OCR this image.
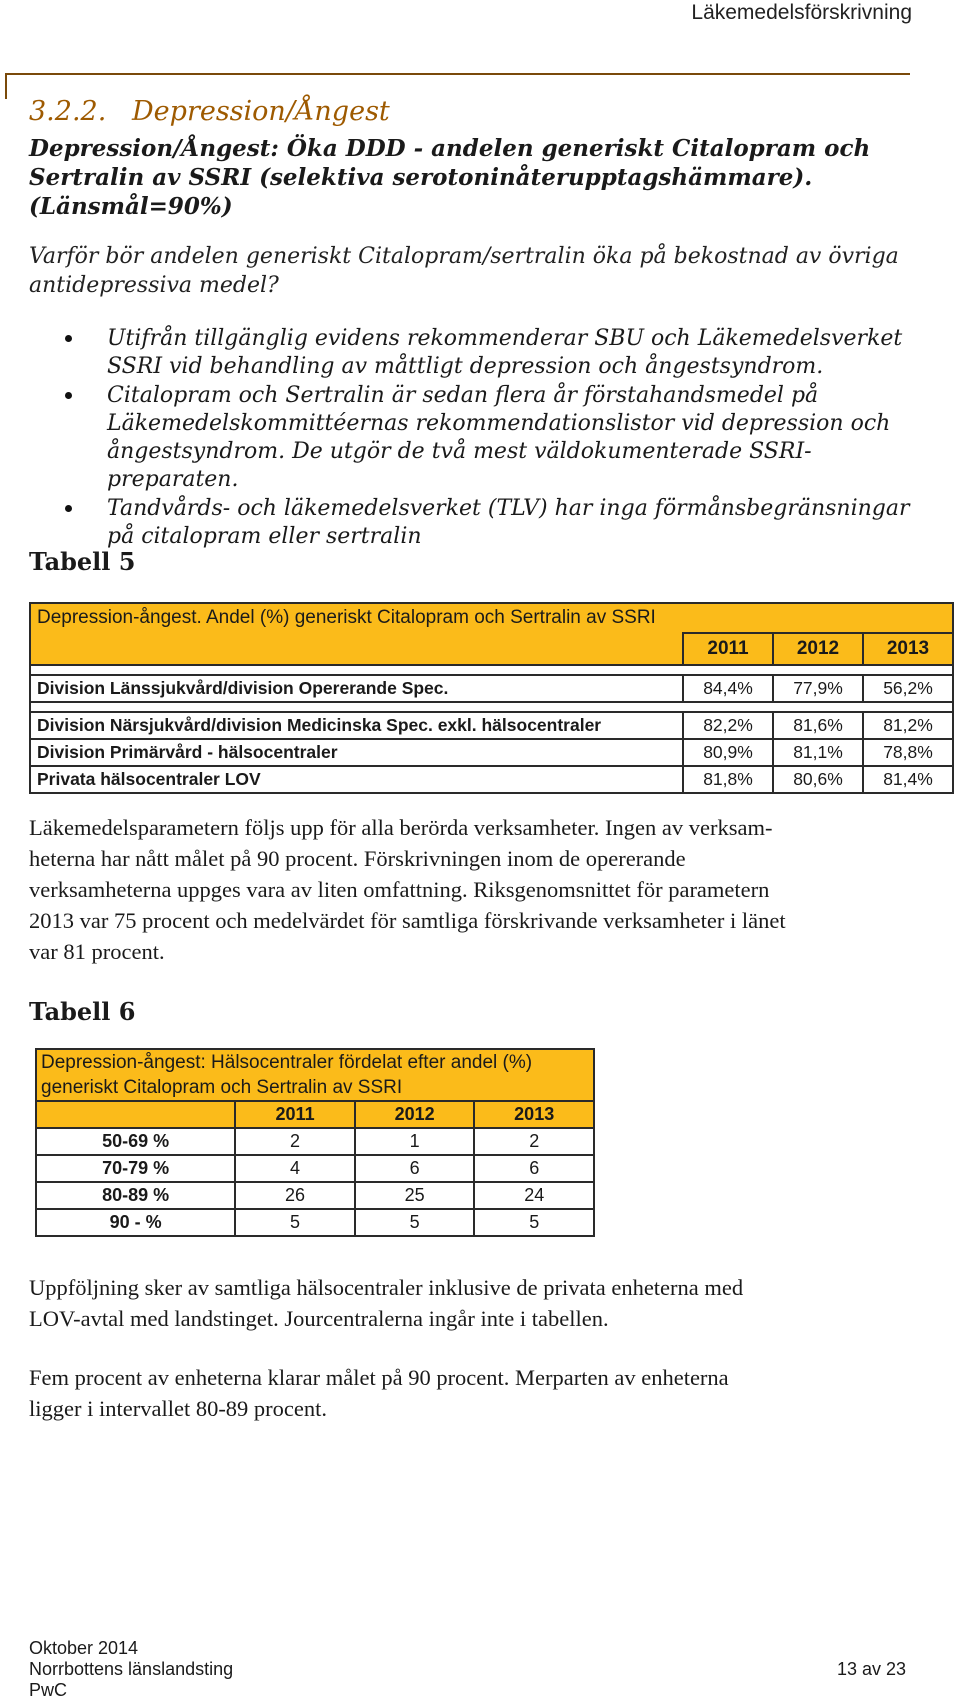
Läkemedelsförskrivning
3.2.2.   Depression/Ångest
Depression/Ångest: Öka DDD - andelen generiskt Citalopram och
Sertralin av SSRI (selektiva serotoninåterupptagshämmare).
(Länsmål=90%)
Varför bör andelen generiskt Citalopram/sertralin öka på bekostnad av övriga antidepressiva medel?
Utifrån tillgänglig evidens rekommenderar SBU och Läkemedelsverket SSRI vid behandling av måttligt depression och ångestsyndrom.
Citalopram och Sertralin är sedan flera år förstahandsmedel på Läkemedelskommittéernas rekommendationslistor vid depression och ångestsyndrom. De utgör de två mest väldokumenterade SSRI-preparaten.
Tandvårds- och läkemedelsverket (TLV) har inga förmånsbegränsningar på citalopram eller sertralin
Tabell 5
Depression-ångest. Andel (%) generiskt Citalopram och Sertralin av SSRI			
	2011	2012	2013

Division Länssjukvård/division Opererande Spec.	84,4%	77,9%	56,2%

Division Närsjukvård/division Medicinska Spec. exkl. hälsocentraler	82,2%	81,6%	81,2%
Division Primärvård - hälsocentraler	80,9%	81,1%	78,8%
Privata hälsocentraler LOV	81,8%	80,6%	81,4%
Läkemedelsparametern följs upp för alla berörda verksamheter. Ingen av verksam-
heterna har nått målet på 90 procent. Förskrivningen inom de opererande
verksamheterna uppges vara av liten omfattning. Riksgenomsnittet för parametern
2013 var 75 procent och medelvärdet för samtliga förskrivande verksamheter i länet
var 81 procent.
Tabell 6
Depression-ångest: Hälsocentraler fördelat efter andel (%)			
generiskt Citalopram och Sertralin av SSRI			
	2011	2012	2013
50-69 %	2	1	2
70-79 %	4	6	6
80-89 %	26	25	24
90 - %	5	5	5
Uppföljning sker av samtliga hälsocentraler inklusive de privata enheterna med
LOV-avtal med landstinget. Jourcentralerna ingår inte i tabellen.
Fem procent av enheterna klarar målet på 90 procent. Merparten av enheterna
ligger i intervallet 80-89 procent.
Oktober 2014
Norrbottens länslandsting
PwC
13 av 23
